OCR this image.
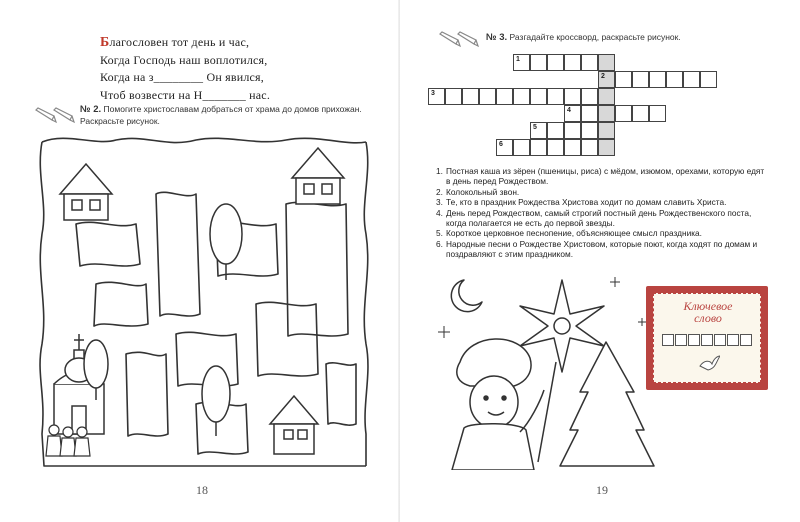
Благословен тот день и час,
Когда Господь наш воплотился,
Когда на з________ Он явился,
Чтоб возвести на Н_______ нас.
№ 2. Помогите христославам добраться от храма до домов прихожан. Раскрасьте рисунок.
18
№ 3. Разгадайте кроссворд, раскрасьте рисунок.
19
1
2
3
4
5
6
1. Постная каша из зёрен (пшеницы, риса) с мёдом, изюмом, орехами, которую едят в день перед Рождеством.
2. Колокольный звон.
3. Те, кто в праздник Рождества Христова ходит по домам славить Христа.
4. День перед Рождеством, самый строгий постный день Рождественского поста, когда полагается не есть до первой звезды.
5. Короткое церковное песнопение, объясняющее смысл праздника.
6. Народные песни о Рождестве Христовом, которые поют, когда ходят по домам и поздравляют с этим праздником.
Ключевое
слово
